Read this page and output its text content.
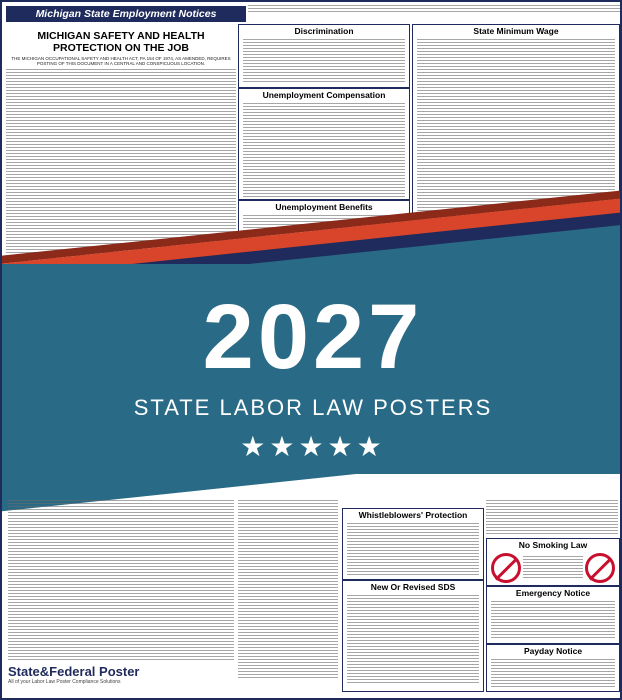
Michigan State Employment Notices
MICHIGAN SAFETY AND HEALTH PROTECTION ON THE JOB
THE MICHIGAN OCCUPATIONAL SAFETY AND HEALTH ACT, PA 154 OF 1974, AS AMENDED, REQUIRES POSTING OF THIS DOCUMENT IN A CENTRAL AND CONSPICUOUS LOCATION.
Discrimination
Unemployment Compensation
Unemployment Benefits
State Minimum Wage
2027
STATE LABOR LAW POSTERS
★★★★★
Whistleblowers' Protection
New Or Revised SDS
No Smoking Law
Emergency Notice
Payday Notice
State&Federal Poster
All of your Labor Law Poster Compliance Solutions
